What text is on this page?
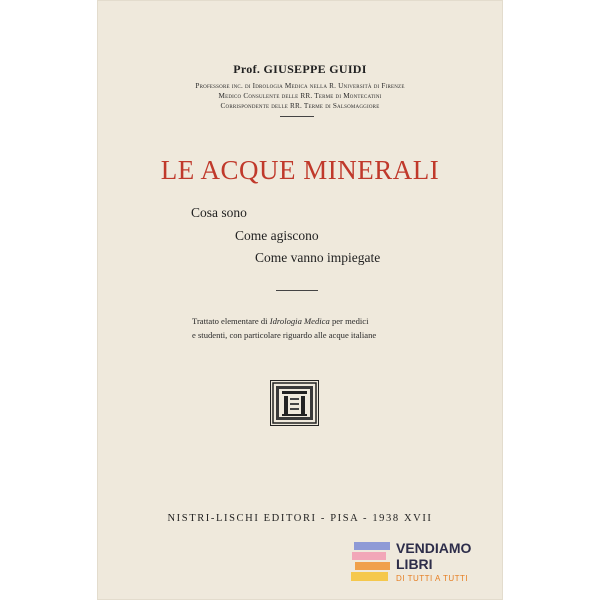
Prof. GIUSEPPE GUIDI
Professore inc. di Idrologia Medica nella R. Università di Firenze
Medico Consulente delle RR. Terme di Montecatini
Corrispondente delle RR. Terme di Salsomaggiore
LE ACQUE MINERALI
Cosa sono
Come agiscono
Come vanno impiegate
Trattato elementare di Idrologia Medica per medici
e studenti, con particolare riguardo alle acque italiane
NISTRI-LISCHI EDITORI - PISA - 1938 XVII
VENDIAMO
LIBRI
DI TUTTI A TUTTI
